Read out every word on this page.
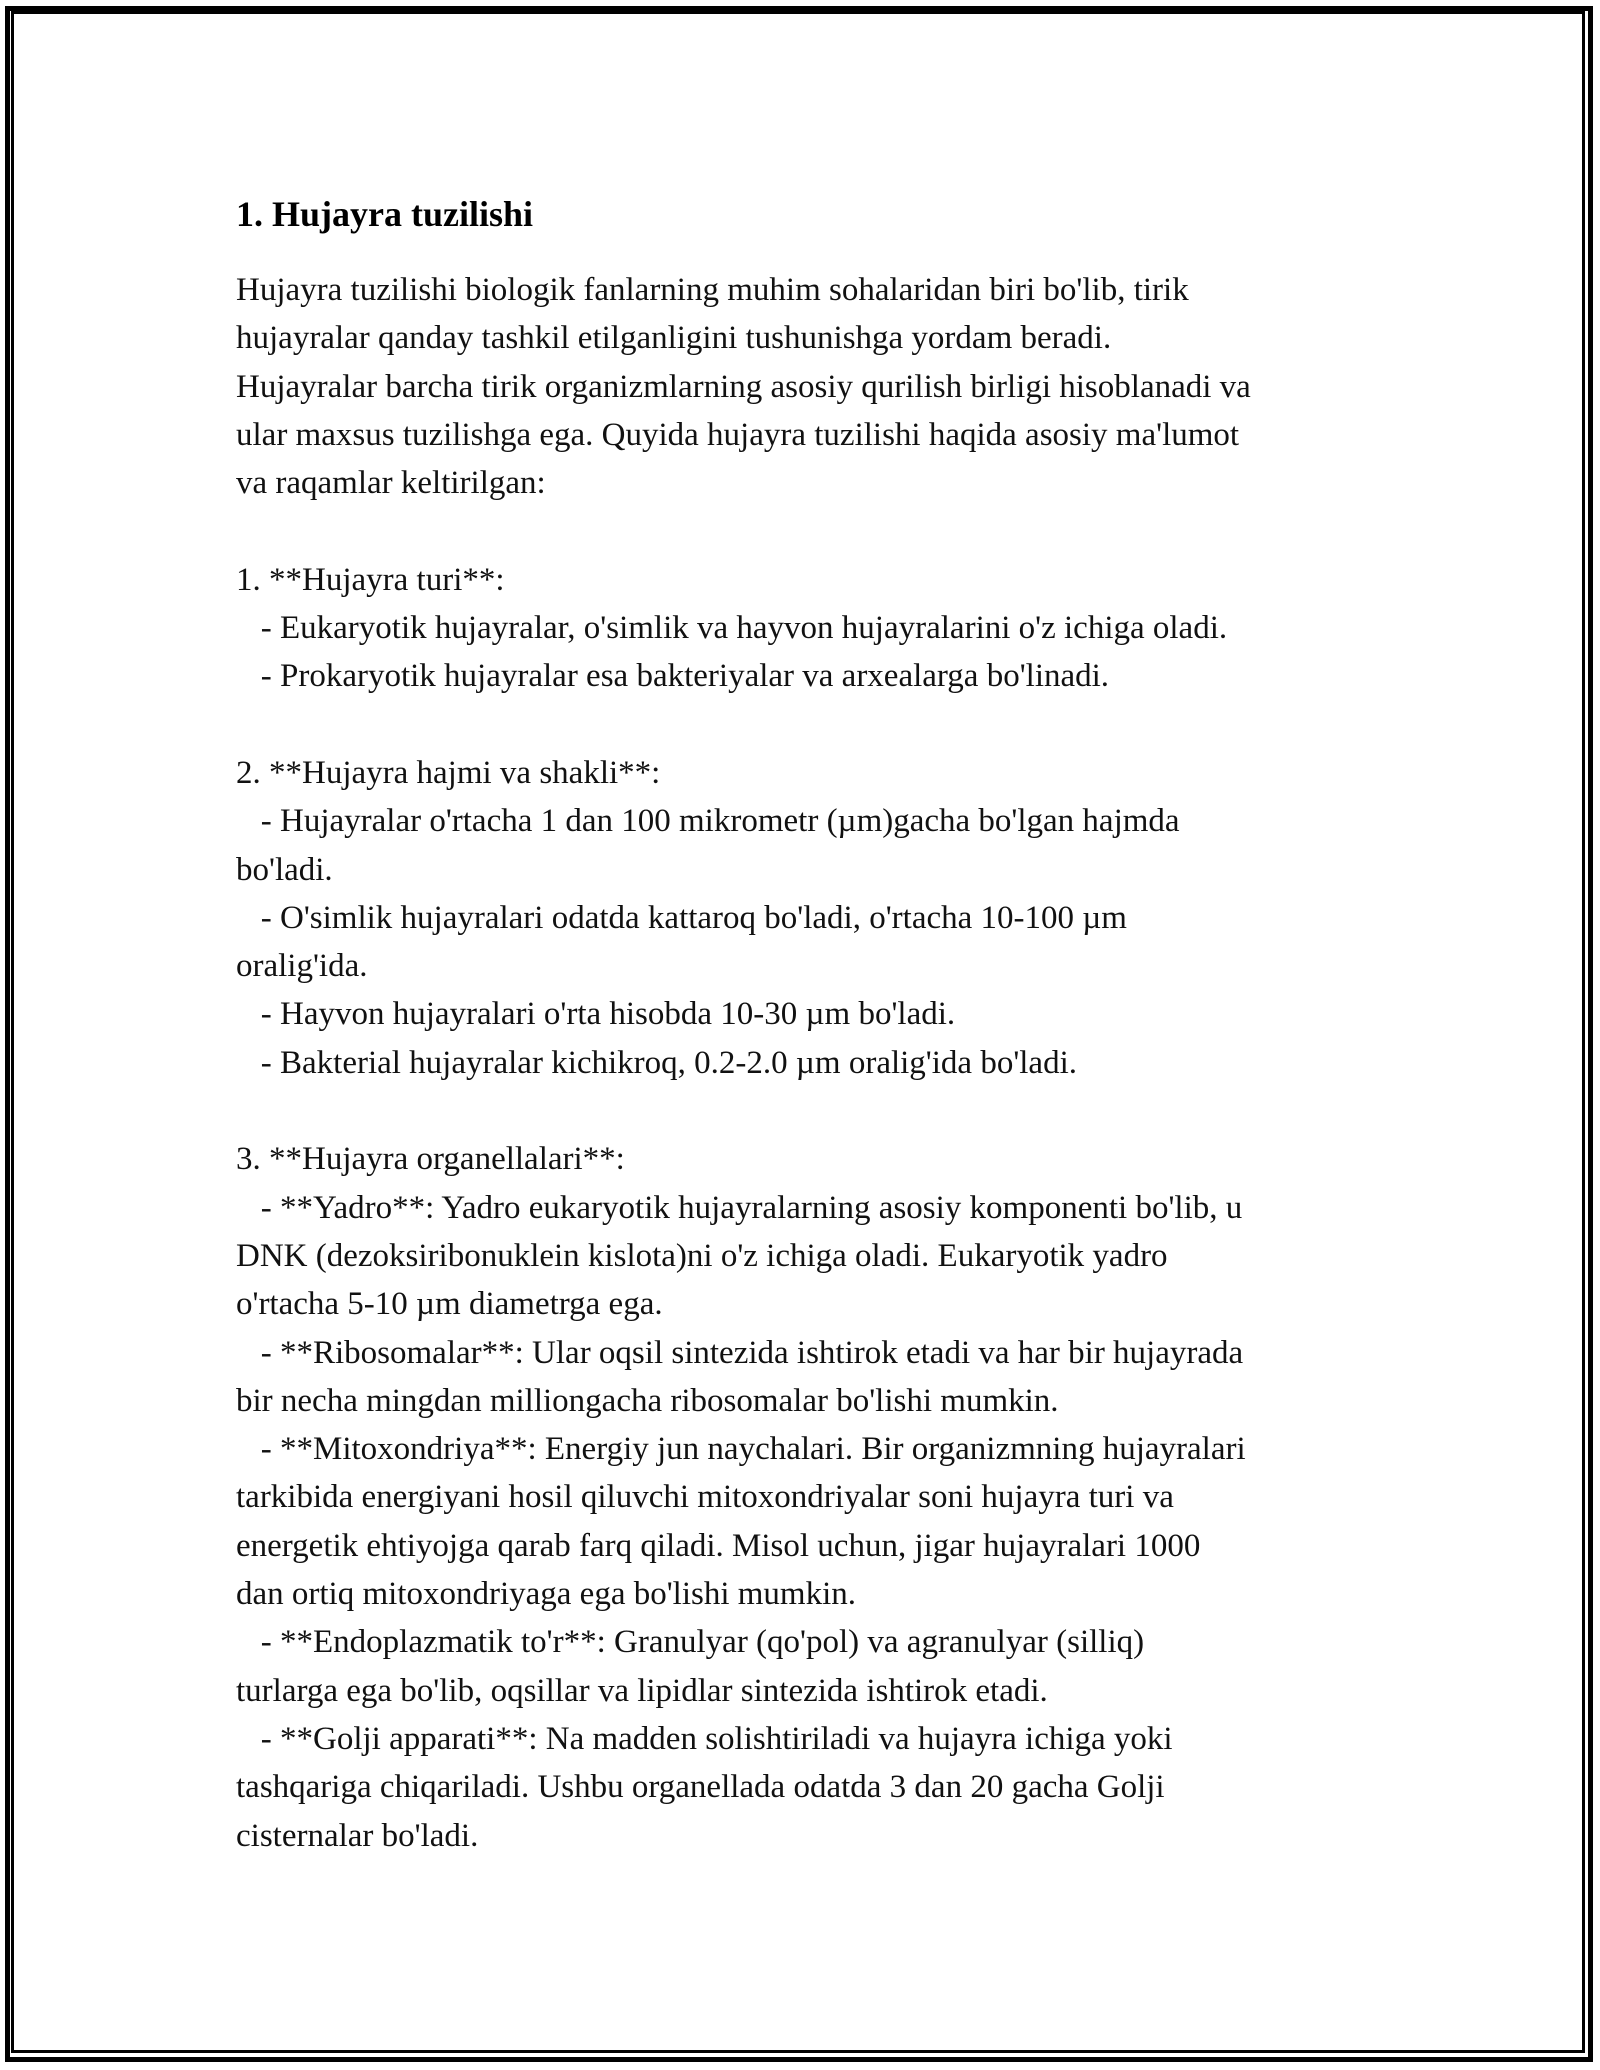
1. Hujayra tuzilishi

Hujayra tuzilishi biologik fanlarning muhim sohalaridan biri bo'lib, tirik
hujayralar qanday tashkil etilganligini tushunishga yordam beradi.
Hujayralar barcha tirik organizmlarning asosiy qurilish birligi hisoblanadi va
ular maxsus tuzilishga ega. Quyida hujayra tuzilishi haqida asosiy ma'lumot
va raqamlar keltirilgan:

1. **Hujayra turi**:
- Eukaryotik hujayralar, o'simlik va hayvon hujayralarini o'z ichiga oladi.
- Prokaryotik hujayralar esa bakteriyalar va arxealarga bo'linadi.

2. **Hujayra hajmi va shakli**:
- Hujayralar o'rtacha 1 dan 100 mikrometr (µm)gacha bo'lgan hajmda
bo'ladi.
- O'simlik hujayralari odatda kattaroq bo'ladi, o'rtacha 10-100 µm
oralig'ida.
- Hayvon hujayralari o'rta hisobda 10-30 µm bo'ladi.
- Bakterial hujayralar kichikroq, 0.2-2.0 µm oralig'ida bo'ladi.

3. **Hujayra organellalari**:
- **Yadro**: Yadro eukaryotik hujayralarning asosiy komponenti bo'lib, u
DNK (dezoksiribonuklein kislota)ni o'z ichiga oladi. Eukaryotik yadro
o'rtacha 5-10 µm diametrga ega.
- **Ribosomalar**: Ular oqsil sintezida ishtirok etadi va har bir hujayrada
bir necha mingdan milliongacha ribosomalar bo'lishi mumkin.
- **Mitoxondriya**: Energiy jun naychalari. Bir organizmning hujayralari
tarkibida energiyani hosil qiluvchi mitoxondriyalar soni hujayra turi va
energetik ehtiyojga qarab farq qiladi. Misol uchun, jigar hujayralari 1000
dan ortiq mitoxondriyaga ega bo'lishi mumkin.
- **Endoplazmatik to'r**: Granulyar (qo'pol) va agranulyar (silliq)
turlarga ega bo'lib, oqsillar va lipidlar sintezida ishtirok etadi.
- **Golji apparati**: Na madden solishtiriladi va hujayra ichiga yoki
tashqariga chiqariladi. Ushbu organellada odatda 3 dan 20 gacha Golji
cisternalar bo'ladi.
